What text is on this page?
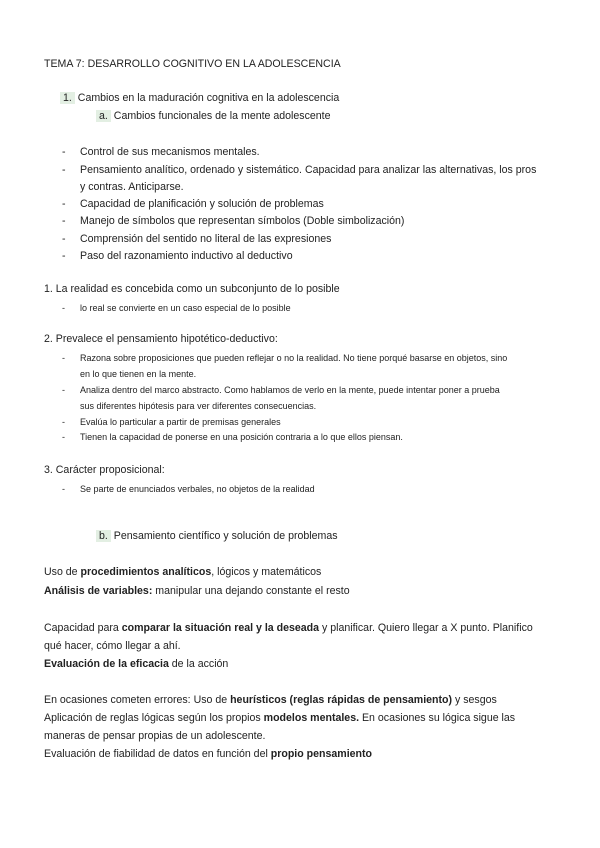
TEMA 7: DESARROLLO COGNITIVO EN LA ADOLESCENCIA
1. Cambios en la maduración cognitiva en la adolescencia
a. Cambios funcionales de la mente adolescente
- Control de sus mecanismos mentales.
- Pensamiento analítico, ordenado y sistemático. Capacidad para analizar las alternativas, los pros
y contras. Anticiparse.
- Capacidad de planificación y solución de problemas
- Manejo de símbolos que representan símbolos (Doble simbolización)
- Comprensión del sentido no literal de las expresiones
- Paso del razonamiento inductivo al deductivo
1. La realidad es concebida como un subconjunto de lo posible
- lo real se convierte en un caso especial de lo posible
2. Prevalece el pensamiento hipotético-deductivo:
- Razona sobre proposiciones que pueden reflejar o no la realidad. No tiene porqué basarse en objetos, sino
en lo que tienen en la mente.
- Analiza dentro del marco abstracto. Como hablamos de verlo en la mente, puede intentar poner a prueba
sus diferentes hipótesis para ver diferentes consecuencias.
- Evalúa lo particular a partir de premisas generales
- Tienen la capacidad de ponerse en una posición contraria a lo que ellos piensan.
3. Carácter proposicional:
- Se parte de enunciados verbales, no objetos de la realidad
b. Pensamiento científico y solución de problemas
Uso de procedimientos analíticos, lógicos y matemáticos
Análisis de variables: manipular una dejando constante el resto
Capacidad para comparar la situación real y la deseada y planificar. Quiero llegar a X punto. Planifico
qué hacer, cómo llegar a ahí.
Evaluación de la eficacia de la acción
En ocasiones cometen errores: Uso de heurísticos (reglas rápidas de pensamiento) y sesgos
Aplicación de reglas lógicas según los propios modelos mentales. En ocasiones su lógica sigue las
maneras de pensar propias de un adolescente.
Evaluación de fiabilidad de datos en función del propio pensamiento
